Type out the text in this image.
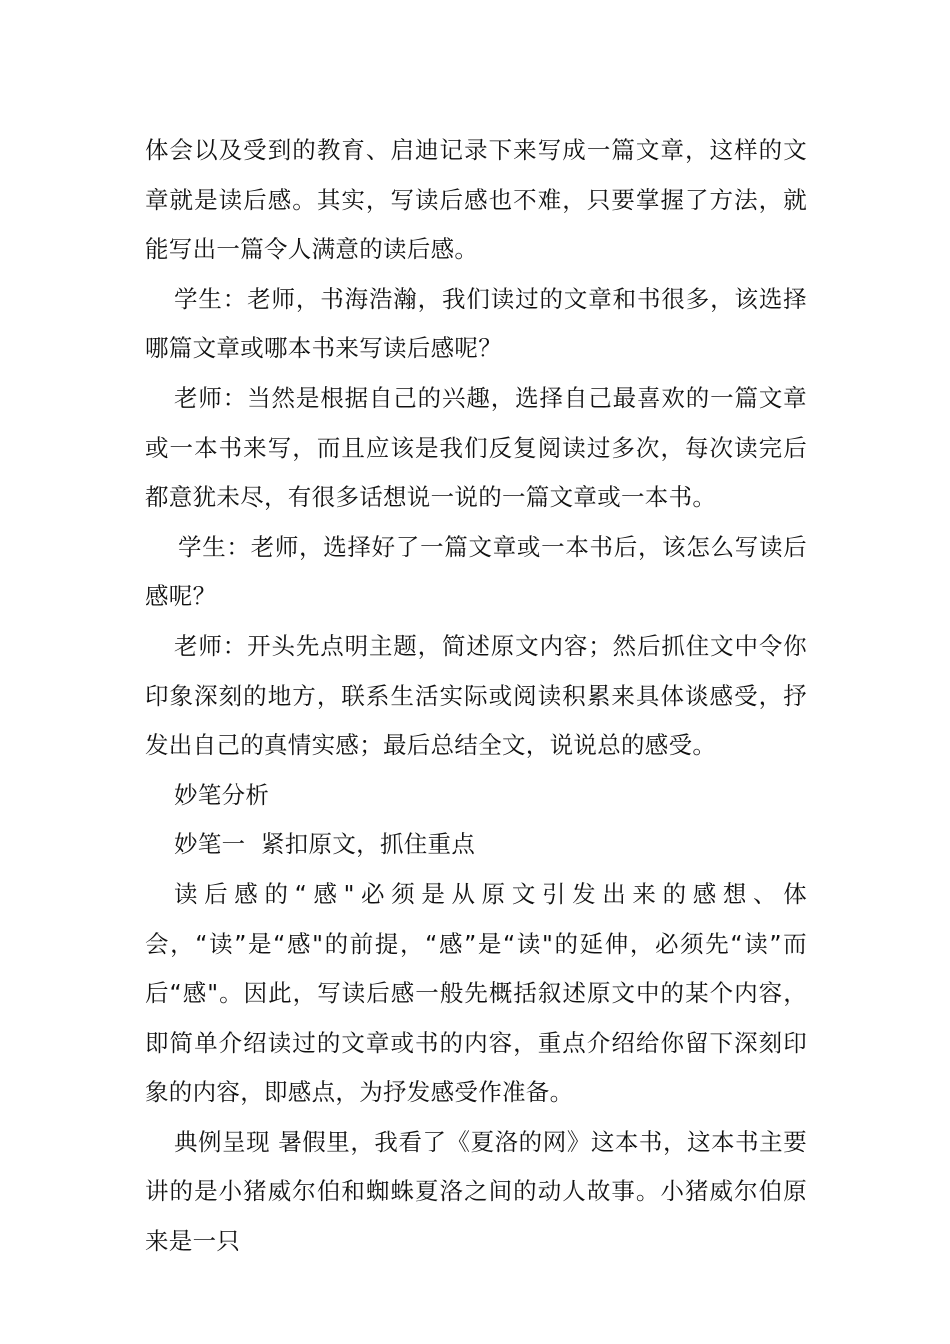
体会以及受到的教育、启迪记录下来写成一篇文章，这样的文章就是读后感。其实，写读后感也不难，只要掌握了方法，就能写出一篇令人满意的读后感。

学生：老师，书海浩瀚，我们读过的文章和书很多，该选择哪篇文章或哪本书来写读后感呢？

老师：当然是根据自己的兴趣，选择自己最喜欢的一篇文章或一本书来写，而且应该是我们反复阅读过多次，每次读完后都意犹未尽，有很多话想说一说的一篇文章或一本书。

学生：老师，选择好了一篇文章或一本书后，该怎么写读后感呢？

老师：开头先点明主题，简述原文内容；然后抓住文中令你印象深刻的地方，联系生活实际或阅读积累来具体谈感受，抒发出自己的真情实感；最后总结全文，说说总的感受。

妙笔分析

妙笔一  紧扣原文，抓住重点

读后感的“感"必须是从原文引发出来的感想、体会，“读”是“感"的前提，“感”是“读"的延伸，必须先“读”而后“感"。因此，写读后感一般先概括叙述原文中的某个内容，即简单介绍读过的文章或书的内容，重点介绍给你留下深刻印象的内容，即感点，为抒发感受作准备。

典例呈现 暑假里，我看了《夏洛的网》这本书，这本书主要讲的是小猪威尔伯和蜘蛛夏洛之间的动人故事。小猪威尔伯原来是一只
